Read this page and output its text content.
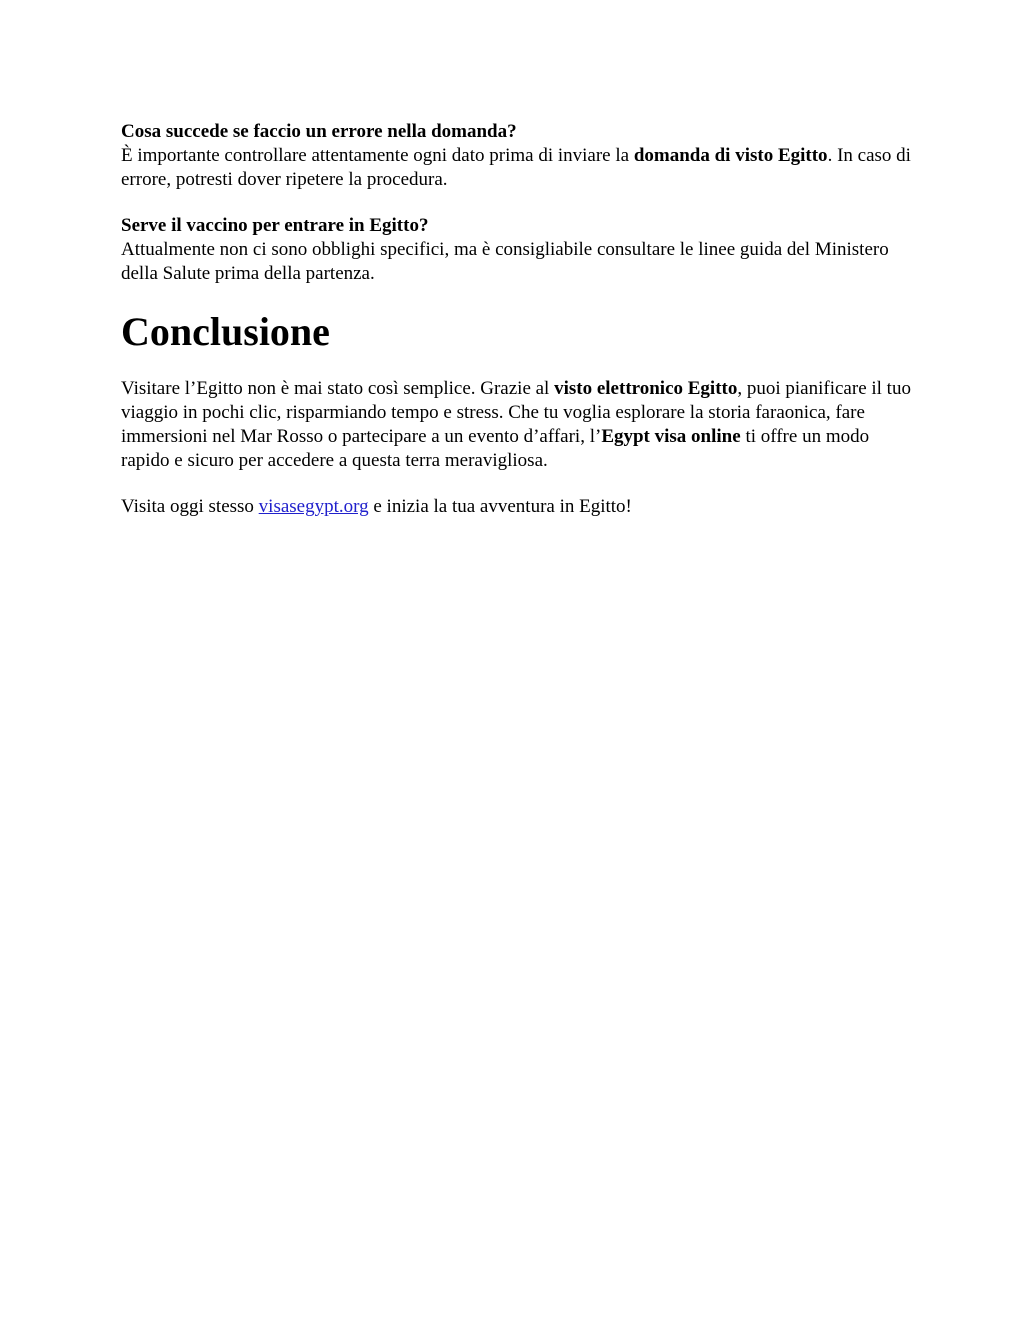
Cosa succede se faccio un errore nella domanda?

È importante controllare attentamente ogni dato prima di inviare la domanda di visto Egitto. In caso di errore, potresti dover ripetere la procedura.

Serve il vaccino per entrare in Egitto?

Attualmente non ci sono obblighi specifici, ma è consigliabile consultare le linee guida del Ministero della Salute prima della partenza.

Conclusione

Visitare l’Egitto non è mai stato così semplice. Grazie al visto elettronico Egitto, puoi pianificare il tuo viaggio in pochi clic, risparmiando tempo e stress. Che tu voglia esplorare la storia faraonica, fare immersioni nel Mar Rosso o partecipare a un evento d’affari, l’Egypt visa online ti offre un modo rapido e sicuro per accedere a questa terra meravigliosa.

Visita oggi stesso visasegypt.org e inizia la tua avventura in Egitto!
